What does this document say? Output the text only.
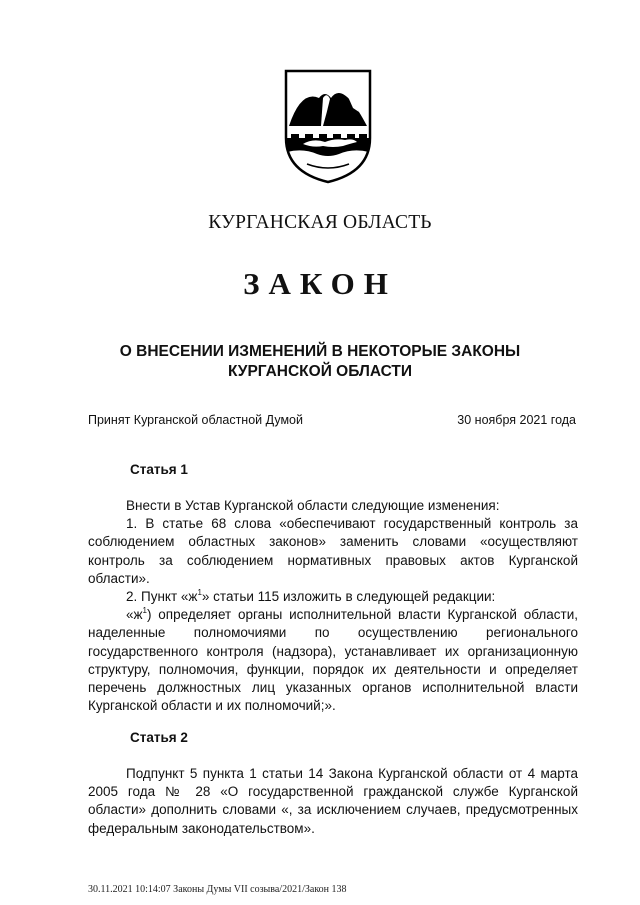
КУРГАНСКАЯ ОБЛАСТЬ
ЗАКОН
О ВНЕСЕНИИ ИЗМЕНЕНИЙ В НЕКОТОРЫЕ ЗАКОНЫ КУРГАНСКОЙ ОБЛАСТИ
Принят Курганской областной Думой	30 ноября 2021 года
Статья 1

Внести в Устав Курганской области следующие изменения:

1. В статье 68 слова «обеспечивают государственный контроль за соблюдением областных законов» заменить словами «осуществляют контроль за соблюдением нормативных правовых актов Курганской области».

2. Пункт «$ж^1$» статьи 115 изложить в следующей редакции:

«$ж^1$) определяет органы исполнительной власти Курганской области, наделенные полномочиями по осуществлению регионального государственного контроля (надзора), устанавливает их организационную структуру, полномочия, функции, порядок их деятельности и определяет перечень должностных лиц указанных органов исполнительной власти Курганской области и их полномочий;».

Статья 2

Подпункт 5 пункта 1 статьи 14 Закона Курганской области от 4 марта 2005 года № 28 «О государственной гражданской службе Курганской области» дополнить словами «, за исключением случаев, предусмотренных федеральным законодательством».

30.11.2021 10:14:07 Законы Думы VII созыва/2021/Закон 138
